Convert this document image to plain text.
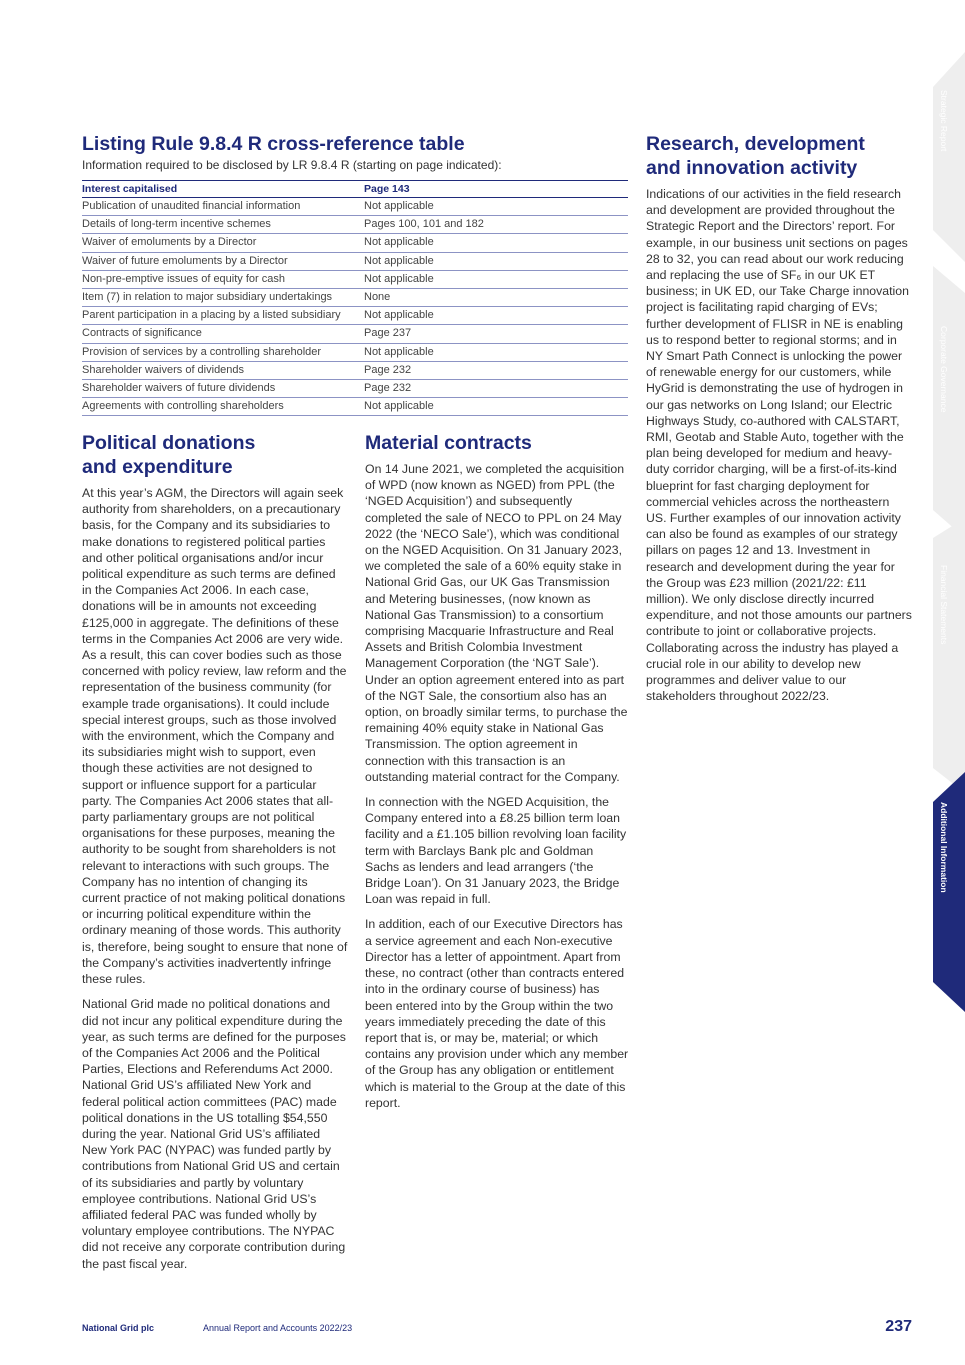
Listing Rule 9.8.4 R cross-reference table
Information required to be disclosed by LR 9.8.4 R (starting on page indicated):
Interest capitalised	Page 143
Publication of unaudited financial information	Not applicable
Details of long-term incentive schemes	Pages 100, 101 and 182
Waiver of emoluments by a Director	Not applicable
Waiver of future emoluments by a Director	Not applicable
Non-pre-emptive issues of equity for cash	Not applicable
Item (7) in relation to major subsidiary undertakings	None
Parent participation in a placing by a listed subsidiary	Not applicable
Contracts of significance	Page 237
Provision of services by a controlling shareholder	Not applicable
Shareholder waivers of dividends	Page 232
Shareholder waivers of future dividends	Page 232
Agreements with controlling shareholders	Not applicable
Political donations
and expenditure

At this year’s AGM, the Directors will again seek authority from shareholders, on a precautionary basis, for the Company and its subsidiaries to make donations to registered political parties and other political organisations and/or incur political expenditure as such terms are defined in the Companies Act 2006. In each case, donations will be in amounts not exceeding £125,000 in aggregate. The definitions of these terms in the Companies Act 2006 are very wide. As a result, this can cover bodies such as those concerned with policy review, law reform and the representation of the business community (for example trade organisations). It could include special interest groups, such as those involved with the environment, which the Company and its subsidiaries might wish to support, even though these activities are not designed to support or influence support for a particular party. The Companies Act 2006 states that all-party parliamentary groups are not political organisations for these purposes, meaning the authority to be sought from shareholders is not relevant to interactions with such groups. The Company has no intention of changing its current practice of not making political donations or incurring political expenditure within the ordinary meaning of those words. This authority is, therefore, being sought to ensure that none of the Company’s activities inadvertently infringe these rules.

National Grid made no political donations and did not incur any political expenditure during the year, as such terms are defined for the purposes of the Companies Act 2006 and the Political Parties, Elections and Referendums Act 2000. National Grid US’s affiliated New York and federal political action committees (PAC) made political donations in the US totalling $54,550 during the year. National Grid US’s affiliated New York PAC (NYPAC) was funded partly by contributions from National Grid US and certain of its subsidiaries and partly by voluntary employee contributions. National Grid US’s affiliated federal PAC was funded wholly by voluntary employee contributions. The NYPAC did not receive any corporate contribution during the past fiscal year.

Material contracts

On 14 June 2021, we completed the acquisition of WPD (now known as NGED) from PPL (the ‘NGED Acquisition’) and subsequently completed the sale of NECO to PPL on 24 May 2022 (the ‘NECO Sale’), which was conditional on the NGED Acquisition. On 31 January 2023, we completed the sale of a 60% equity stake in National Grid Gas, our UK Gas Transmission and Metering businesses, (now known as National Gas Transmission) to a consortium comprising Macquarie Infrastructure and Real Assets and British Colombia Investment Management Corporation (the ‘NGT Sale’). Under an option agreement entered into as part of the NGT Sale, the consortium also has an option, on broadly similar terms, to purchase the remaining 40% equity stake in National Gas Transmission. The option agreement in connection with this transaction is an outstanding material contract for the Company.

In connection with the NGED Acquisition, the Company entered into a £8.25 billion term loan facility and a £1.105 billion revolving loan facility term with Barclays Bank plc and Goldman Sachs as lenders and lead arrangers (‘the Bridge Loan’). On 31 January 2023, the Bridge Loan was repaid in full.

In addition, each of our Executive Directors has a service agreement and each Non-executive Director has a letter of appointment. Apart from these, no contract (other than contracts entered into in the ordinary course of business) has been entered into by the Group within the two years immediately preceding the date of this report that is, or may be, material; or which contains any provision under which any member of the Group has any obligation or entitlement which is material to the Group at the date of this report.

Research, development
and innovation activity

Indications of our activities in the field research and development are provided throughout the Strategic Report and the Directors’ report. For example, in our business unit sections on pages 28 to 32, you can read about our work reducing and replacing the use of SF₆ in our UK ET business; in UK ED, our Take Charge innovation project is facilitating rapid charging of EVs; further development of FLISR in NE is enabling us to respond better to regional storms; and in NY Smart Path Connect is unlocking the power of renewable energy for our customers, while HyGrid is demonstrating the use of hydrogen in our gas networks on Long Island; our Electric Highways Study, co-authored with CALSTART, RMI, Geotab and Stable Auto, together with the plan being developed for medium and heavy-duty corridor charging, will be a first-of-its-kind blueprint for fast charging deployment for commercial vehicles across the northeastern US. Further examples of our innovation activity can also be found as examples of our strategy pillars on pages 12 and 13. Investment in research and development during the year for the Group was £23 million (2021/22: £11 million). We only disclose directly incurred expenditure, and not those amounts our partners contribute to joint or collaborative projects. Collaborating across the industry has played a crucial role in our ability to develop new programmes and deliver value to our stakeholders throughout 2022/23.

Strategic Report
Corporate Governance
Financial Statements
Additional Information
National Grid plc	Annual Report and Accounts 2022/23	237
